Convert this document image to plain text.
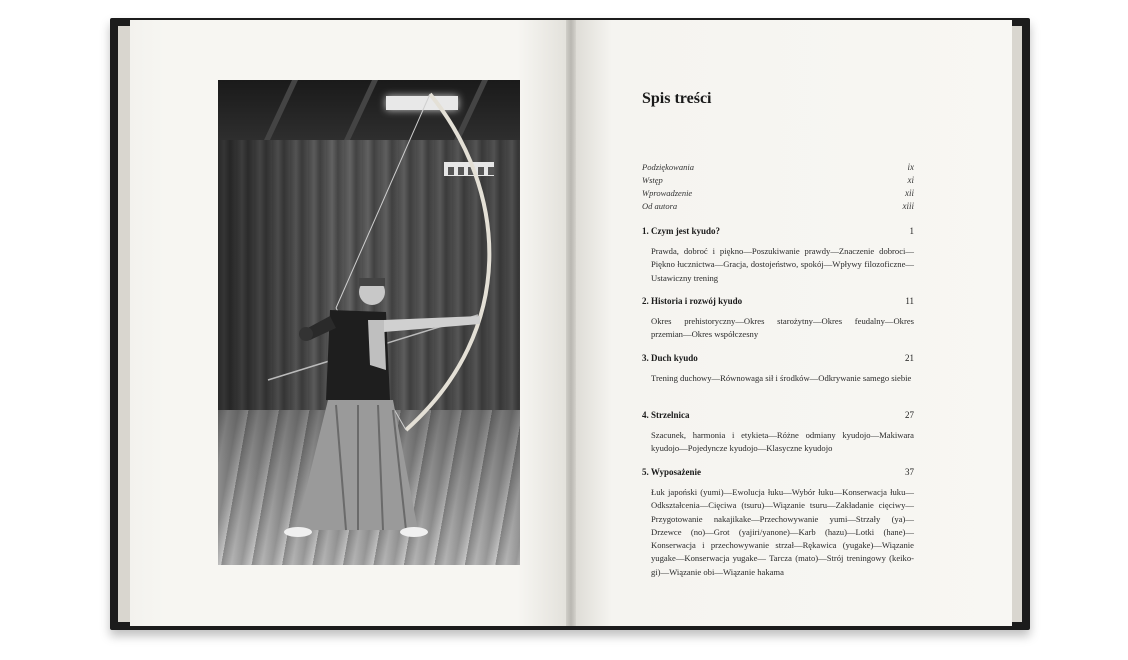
Spis treści
Podziękowania	ix
Wstęp	xi
Wprowadzenie	xii
Od autora	xiii
1. Czym jest kyudo?	1
Prawda, dobroć i piękno—Poszukiwanie prawdy—Znaczenie dobroci—Piękno łucznictwa—Gracja, dostojeństwo, spokój—Wpływy filozoficzne—Ustawiczny trening
2. Historia i rozwój kyudo	11
Okres prehistoryczny—Okres starożytny—Okres feudalny—Okres przemian—Okres współczesny
3. Duch kyudo	21
Trening duchowy—Równowaga sił i środków—Odkrywanie samego siebie
4. Strzelnica	27
Szacunek, harmonia i etykieta—Różne odmiany kyudojo—Makiwara kyudojo—Pojedyncze kyudojo—Klasyczne kyudojo
5. Wyposażenie	37
Łuk japoński (yumi)—Ewolucja łuku—Wybór łuku—Konserwacja łuku—Odkształcenia—Cięciwa (tsuru)—Wiązanie tsuru—Zakładanie cięciwy—Przygotowanie nakajikake—Przechowywanie yumi—Strzały (ya)—Drzewce (no)—Grot (yajiri/yanone)—Karb (hazu)—Lotki (hane)—Konserwacja i przechowywanie strzał—Rękawica (yugake)—Wiązanie yugake—Konserwacja yugake— Tarcza (mato)—Strój treningowy (keiko-gi)—Wiązanie obi—Wiązanie hakama
